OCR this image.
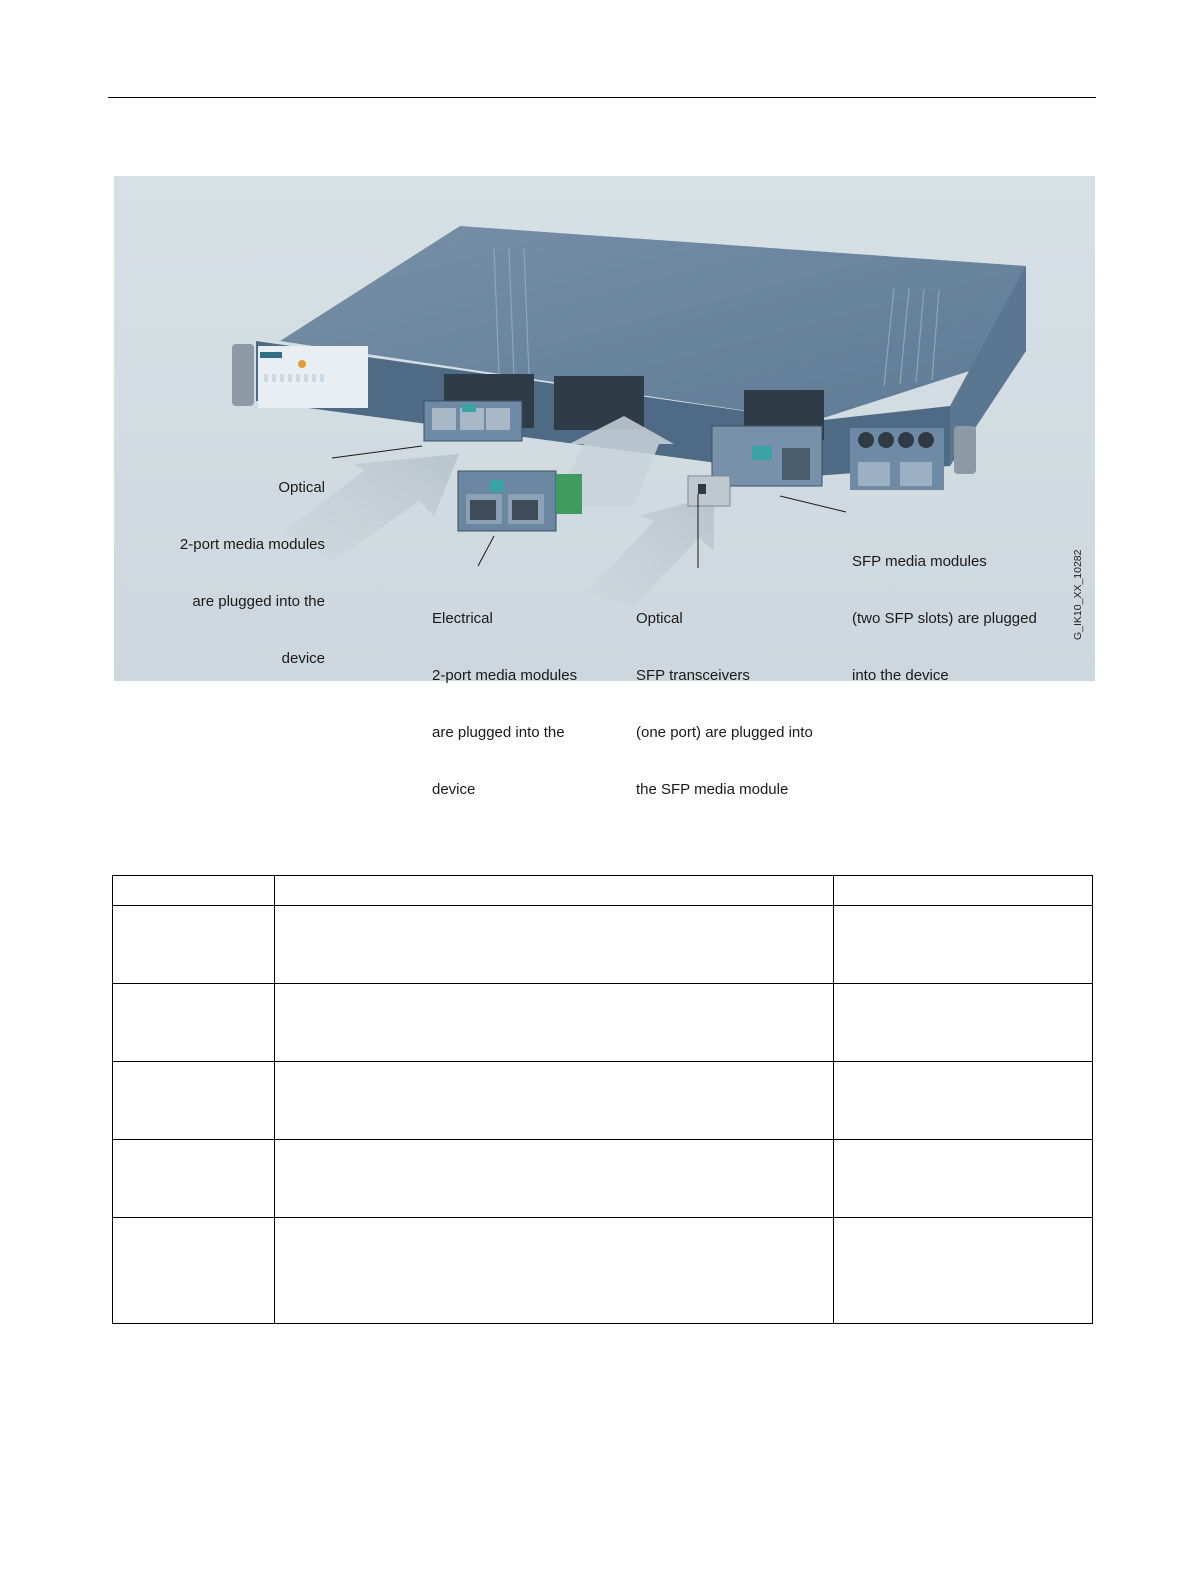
Optical

2-port media modules

are plugged into the

device

SFP media modules

(two SFP slots) are plugged

into the device

Electrical

2-port media modules

are plugged into the

device

Optical

SFP transceivers

(one port) are plugged into

the SFP media module

G_IK10_XX_10282
